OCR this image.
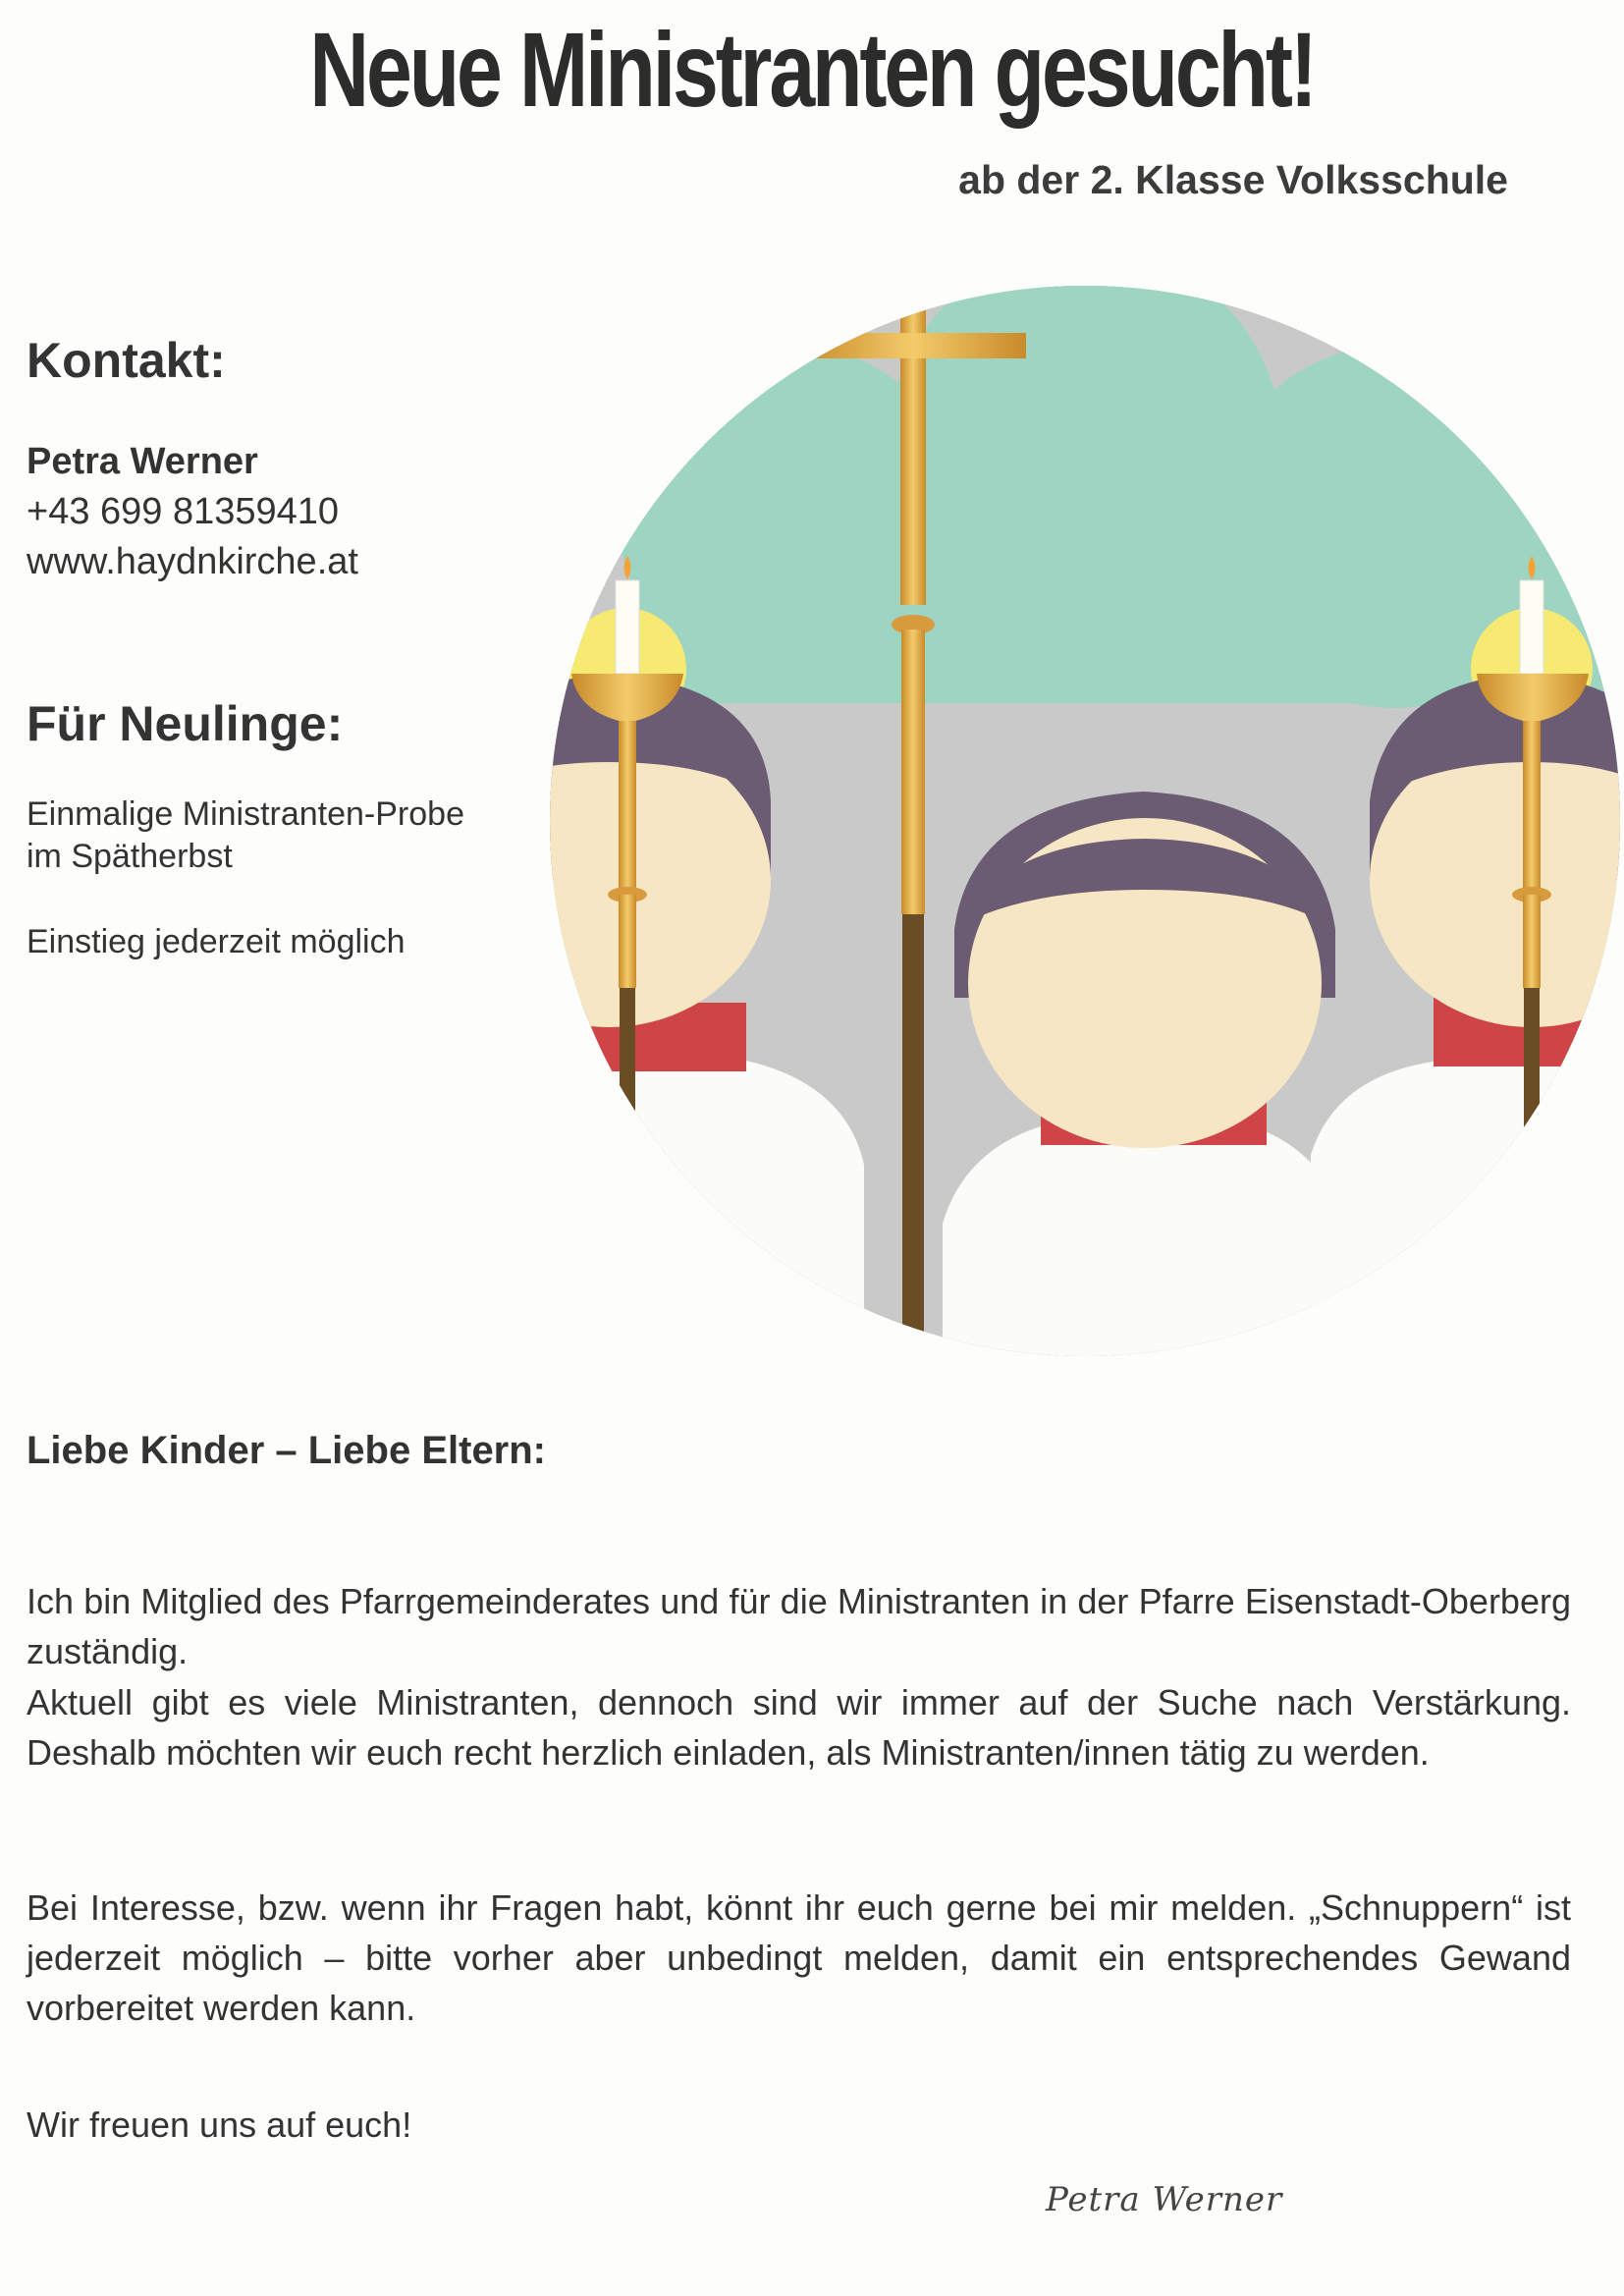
Neue Ministranten gesucht!
ab der 2. Klasse Volksschule
Kontakt:
Petra Werner
+43 699 81359410
www.haydnkirche.at
Für Neulinge:
Einmalige Ministranten-Probe im Spätherbst
Einstieg jederzeit möglich
Liebe Kinder – Liebe Eltern:

Ich bin Mitglied des Pfarrgemeinderates und für die Ministranten in der Pfarre Eisenstadt-Oberberg zuständig.

Aktuell gibt es viele Ministranten, dennoch sind wir immer auf der Suche nach Verstärkung. Deshalb möchten wir euch recht herzlich einladen, als Ministranten/innen tätig zu werden.

Bei Interesse, bzw. wenn ihr Fragen habt, könnt ihr euch gerne bei mir melden. „Schnuppern“ ist jederzeit möglich – bitte vorher aber unbedingt melden, damit ein entsprechendes Gewand vorbereitet werden kann.

Wir freuen uns auf euch!

Petra Werner
